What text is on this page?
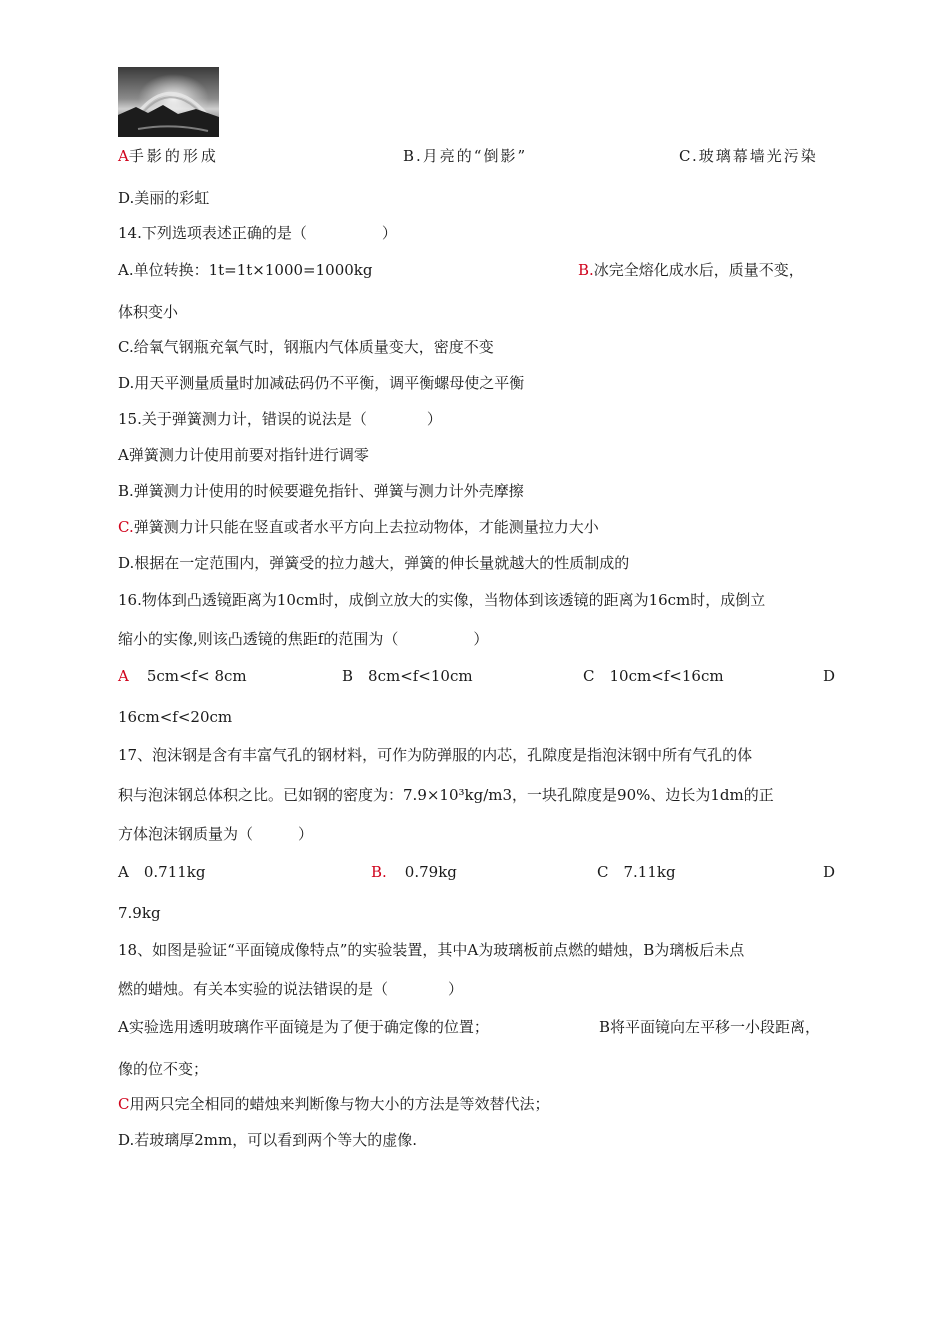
A手影的形成	B.月亮的“倒影”	C.玻璃幕墙光污染
D.美丽的彩虹
14.下列选项表述正确的是（　　　　　）
A.单位转换：1t=1t×1000=1000kg	B.冰完全熔化成水后，质量不变，
体积变小
C.给氧气钢瓶充氧气时，钢瓶内气体质量变大，密度不变
D.用天平测量质量时加减砝码仍不平衡，调平衡螺母使之平衡
15.关于弹簧测力计，错误的说法是（　　　　）
A弹簧测力计使用前要对指针进行调零
B.弹簧测力计使用的时候要避免指针、弹簧与测力计外壳摩擦
C.弹簧测力计只能在竖直或者水平方向上去拉动物体，才能测量拉力大小
D.根据在一定范围内，弹簧受的拉力越大，弹簧的伸长量就越大的性质制成的
16.物体到凸透镜距离为10cm时，成倒立放大的实像，当物体到该透镜的距离为16cm时，成倒立
缩小的实像,则该凸透镜的焦距f的范围为（　　　　　）
A 5cm<f< 8cm	B　8cm<f<10cm	C　10cm<f<16cm	D
16cm<f<20cm
17、泡沫钢是含有丰富气孔的钢材料，可作为防弹服的内芯，孔隙度是指泡沫钢中所有气孔的体
积与泡沫钢总体积之比。已如钢的密度为：7.9×10³kg/m3，一块孔隙度是90%、边长为1dm的正
方体泡沫钢质量为（　　　）
A　0.711kg	B. 0.79kg	C　7.11kg	D
7.9kg
18、如图是验证“平面镜成像特点”的实验装置，其中A为玻璃板前点燃的蜡烛，B为璃板后未点
燃的蜡烛。有关本实验的说法错误的是（　　　　）
A实验选用透明玻璃作平面镜是为了便于确定像的位置；	B将平面镜向左平移一小段距离，
像的位不变；
C用两只完全相同的蜡烛来判断像与物大小的方法是等效替代法；
D.若玻璃厚2mm，可以看到两个等大的虚像.
